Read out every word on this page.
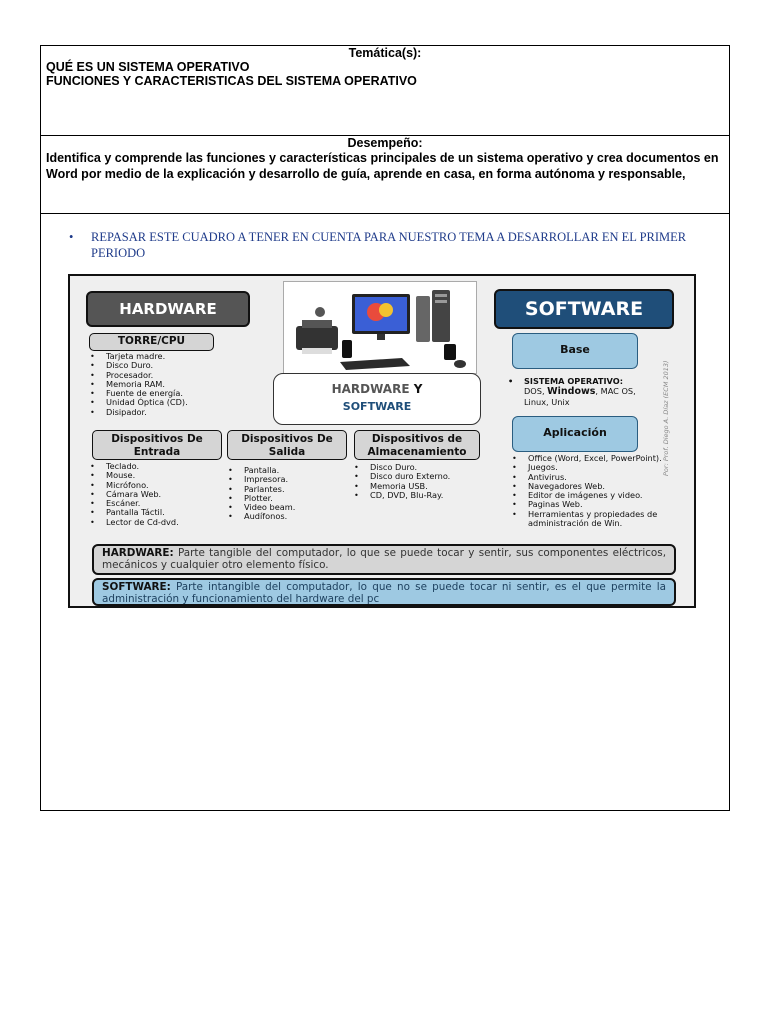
Temática(s):
QUÉ ES UN SISTEMA OPERATIVO
FUNCIONES Y CARACTERISTICAS DEL SISTEMA OPERATIVO
Desempeño:
Identifica y comprende las funciones y características principales de un sistema operativo y crea documentos en Word por medio de la explicación y desarrollo de guía, aprende en casa, en forma autónoma y responsable,
•	REPASAR ESTE CUADRO A TENER EN CUENTA PARA NUESTRO TEMA A DESARROLLAR EN EL PRIMER PERIODO
HARDWARE	SOFTWARE
TORRE/CPU
• Tarjeta madre.
• Disco Duro.
• Procesador.
• Memoria RAM.
• Fuente de energía.
• Unidad Óptica (CD).
• Disipador.
HARDWARE Y
SOFTWARE
Base
• SISTEMA OPERATIVO:
DOS, Windows, MAC OS, Linux, Unix	Por: Prof. Diego A. Díaz (ECM 2013)
Dispositivos De Entrada
• Teclado.
• Mouse.
• Micrófono.
• Cámara Web.
• Escáner.
• Pantalla Táctil.
• Lector de Cd-dvd.
Dispositivos De Salida
• Pantalla.
• Impresora.
• Parlantes.
• Plotter.
• Video beam.
• Audífonos.
Dispositivos de Almacenamiento
• Disco Duro.
• Disco duro Externo.
• Memoria USB.
• CD, DVD, Blu-Ray.
Aplicación
• Office (Word, Excel, PowerPoint).
• Juegos.
• Antivirus.
• Navegadores Web.
• Editor de imágenes y video.
• Paginas Web.
• Herramientas y propiedades de administración de Win.
HARDWARE: Parte tangible del computador, lo que se puede tocar y sentir, sus componentes eléctricos, mecánicos y cualquier otro elemento físico.
SOFTWARE: Parte intangible del computador, lo que no se puede tocar ni sentir, es el que permite la administración y funcionamiento del hardware del pc
